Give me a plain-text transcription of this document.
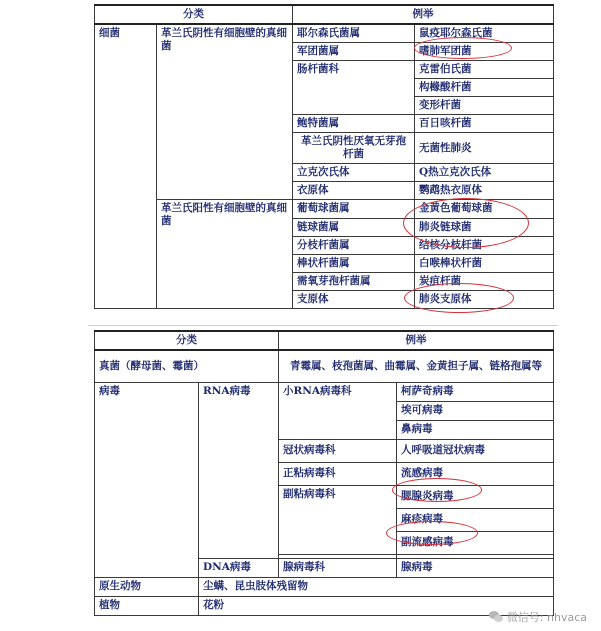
分类		例举	
细菌	革兰氏阴性有细胞壁的真细菌	耶尔森氏菌属	鼠疫耶尔森氏菌
		军团菌属	嗜肺军团菌
		肠杆菌科	克雷伯氏菌
			构橼酸杆菌
			变形杆菌
		鲍特菌属	百日咳杆菌
		革兰氏阴性厌氧无芽孢杆菌	无菌性肺炎
		立克次氏体	Q热立克次氏体
		衣原体	鹦鹉热衣原体
	革兰氏阳性有细胞壁的真细菌	葡萄球菌属	金黄色葡萄球菌
		链球菌属	肺炎链球菌
		分枝杆菌属	结核分枝杆菌
		棒状杆菌属	白喉棒状杆菌
		需氧芽孢杆菌属	炭疽杆菌
		支原体	肺炎支原体
分类		例举	
真菌（酵母菌、霉菌）		青霉属、枝孢菌属、曲霉属、金黄担子属、链格孢属等	
病毒	RNA病毒	小RNA病毒科	柯萨奇病毒
			埃可病毒
			鼻病毒
		冠状病毒科	人呼吸道冠状病毒
		正粘病毒科	流感病毒
		副粘病毒科	腮腺炎病毒
			麻疹病毒
			副流感病毒

	DNA病毒	腺病毒科	腺病毒
原生动物	尘螨、昆虫肢体残留物		
植物	花粉		
微信号: nhvaca
